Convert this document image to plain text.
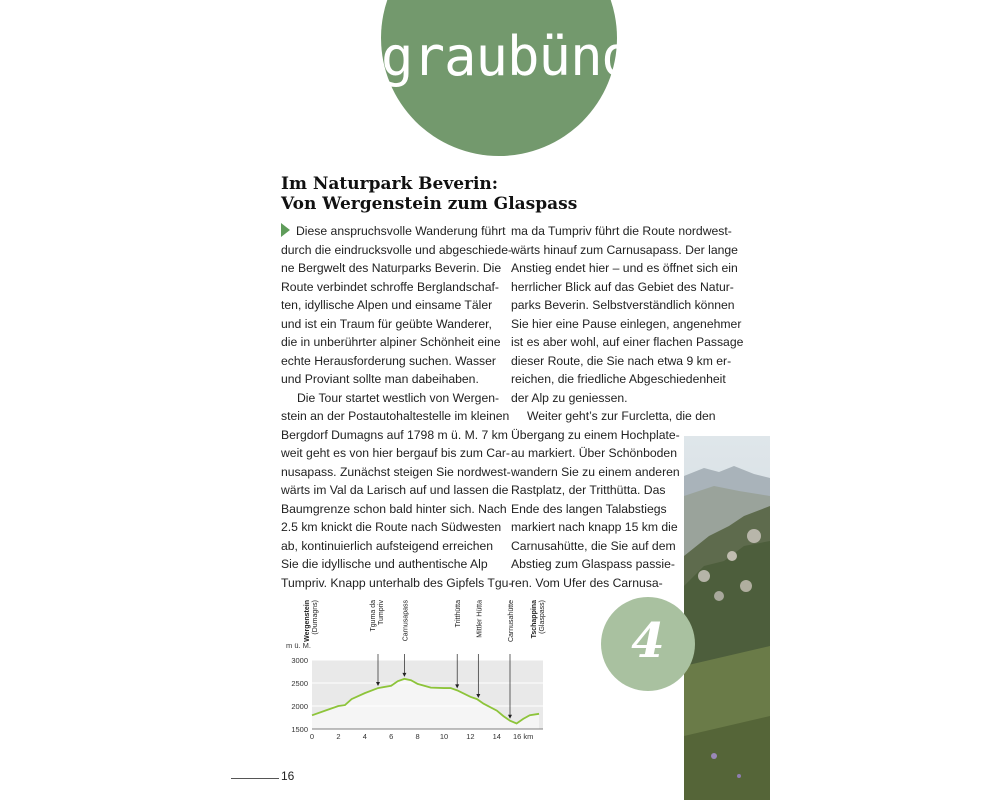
graubünden
Im Naturpark Beverin:
Von Wergenstein zum Glaspass
Diese anspruchsvolle Wanderung führt
durch die eindrucksvolle und abgeschiede-
ne Bergwelt des Naturparks Beverin. Die
Route verbindet schroffe Berglandschaf-
ten, idyllische Alpen und einsame Täler
und ist ein Traum für geübte Wanderer,
die in unberührter alpiner Schönheit eine
echte Herausforderung suchen. Wasser
und Proviant sollte man dabeihaben.
Die Tour startet westlich von Wergen-
stein an der Postautohaltestelle im kleinen
Bergdorf Dumagns auf 1798 m ü. M. 7 km
weit geht es von hier bergauf bis zum Car-
nusapass. Zunächst steigen Sie nordwest-
wärts im Val da Larisch auf und lassen die
Baumgrenze schon bald hinter sich. Nach
2.5 km knickt die Route nach Südwesten
ab, kontinuierlich aufsteigend erreichen
Sie die idyllische und authentische Alp
Tumpriv. Knapp unterhalb des Gipfels Tgu-
ma da Tumpriv führt die Route nordwest-
wärts hinauf zum Carnusapass. Der lange
Anstieg endet hier – und es öffnet sich ein
herrlicher Blick auf das Gebiet des Natur-
parks Beverin. Selbstverständlich können
Sie hier eine Pause einlegen, angenehmer
ist es aber wohl, auf einer flachen Passage
dieser Route, die Sie nach etwa 9 km er-
reichen, die friedliche Abgeschiedenheit
der Alp zu geniessen.
Weiter geht’s zur Furcletta, die den
Übergang zu einem Hochplate-
au markiert. Über Schönboden
wandern Sie zu einem anderen
Rastplatz, der Tritthütta. Das
Ende des langen Talabstiegs
markiert nach knapp 15 km die
Carnusahütte, die Sie auf dem
Abstieg zum Glaspass passie-
ren. Vom Ufer des Carnusa-
4
1500
2000
2500
3000
m ü. M.
0	2	4	6	8	10 12 14 16 km
Wergenstein (Dumagns)	Tguma da Tumpriv Carnusapass	Tritthütta Mittler Hütta	Carnusahütte Tschappina (Glaspass)
16
